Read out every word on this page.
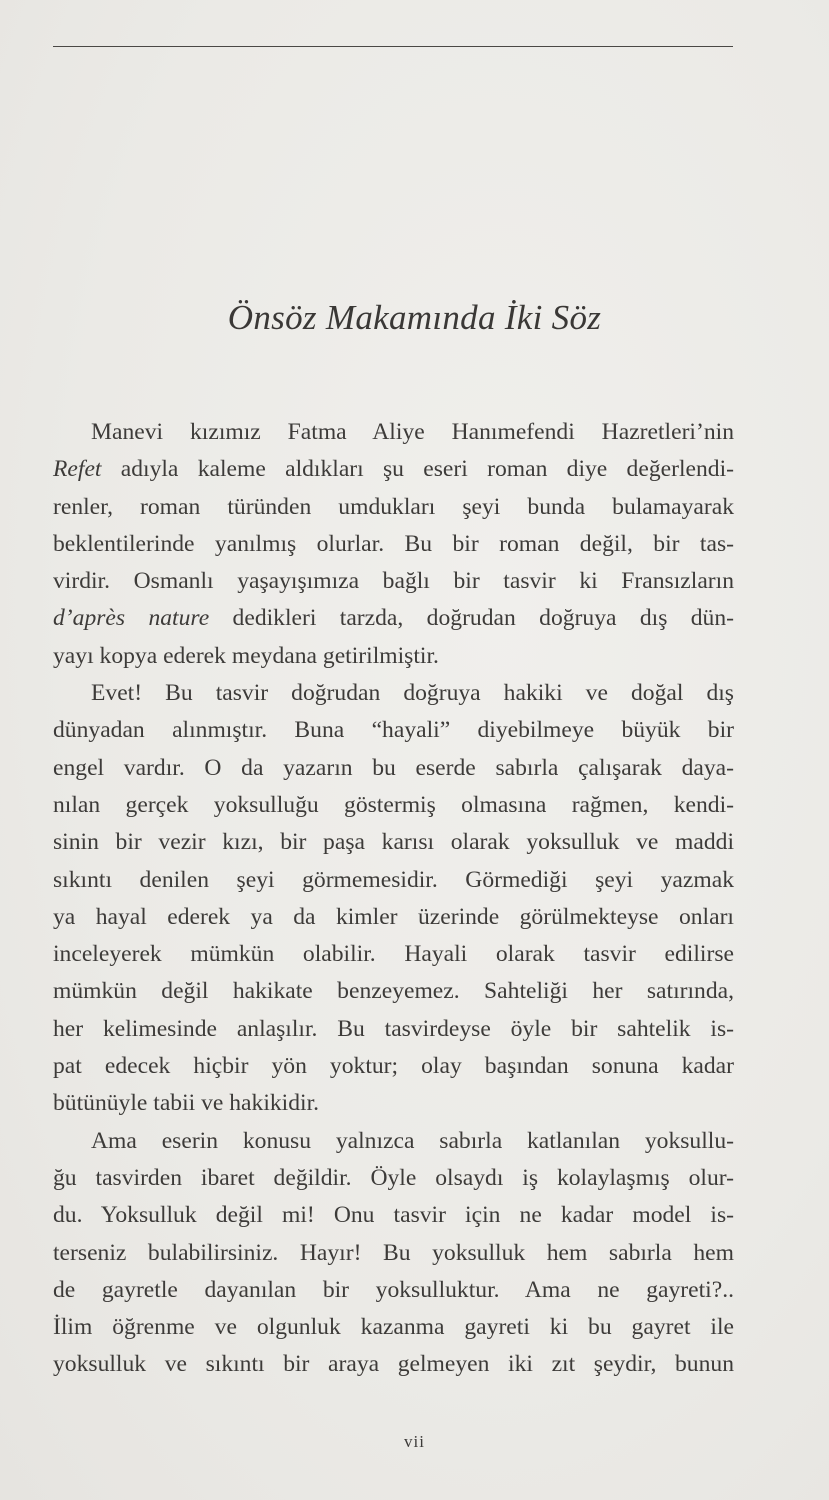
Önsöz Makamında İki Söz
Manevi kızımız Fatma Aliye Hanımefendi Hazretleri’nin
Refet adıyla kaleme aldıkları şu eseri roman diye değerlendi-
renler, roman türünden umdukları şeyi bunda bulamayarak
beklentilerinde yanılmış olurlar. Bu bir roman değil, bir tas-
virdir. Osmanlı yaşayışımıza bağlı bir tasvir ki Fransızların
d’après nature dedikleri tarzda, doğrudan doğruya dış dün-
yayı kopya ederek meydana getirilmiştir.
Evet! Bu tasvir doğrudan doğruya hakiki ve doğal dış
dünyadan alınmıştır. Buna “hayali” diyebilmeye büyük bir
engel vardır. O da yazarın bu eserde sabırla çalışarak daya-
nılan gerçek yoksulluğu göstermiş olmasına rağmen, kendi-
sinin bir vezir kızı, bir paşa karısı olarak yoksulluk ve maddi
sıkıntı denilen şeyi görmemesidir. Görmediği şeyi yazmak
ya hayal ederek ya da kimler üzerinde görülmekteyse onları
inceleyerek mümkün olabilir. Hayali olarak tasvir edilirse
mümkün değil hakikate benzeyemez. Sahteliği her satırında,
her kelimesinde anlaşılır. Bu tasvirdeyse öyle bir sahtelik is-
pat edecek hiçbir yön yoktur; olay başından sonuna kadar
bütünüyle tabii ve hakikidir.
Ama eserin konusu yalnızca sabırla katlanılan yoksullu-
ğu tasvirden ibaret değildir. Öyle olsaydı iş kolaylaşmış olur-
du. Yoksulluk değil mi! Onu tasvir için ne kadar model is-
terseniz bulabilirsiniz. Hayır! Bu yoksulluk hem sabırla hem
de gayretle dayanılan bir yoksulluktur. Ama ne gayreti?..
İlim öğrenme ve olgunluk kazanma gayreti ki bu gayret ile
yoksulluk ve sıkıntı bir araya gelmeyen iki zıt şeydir, bunun
vii
